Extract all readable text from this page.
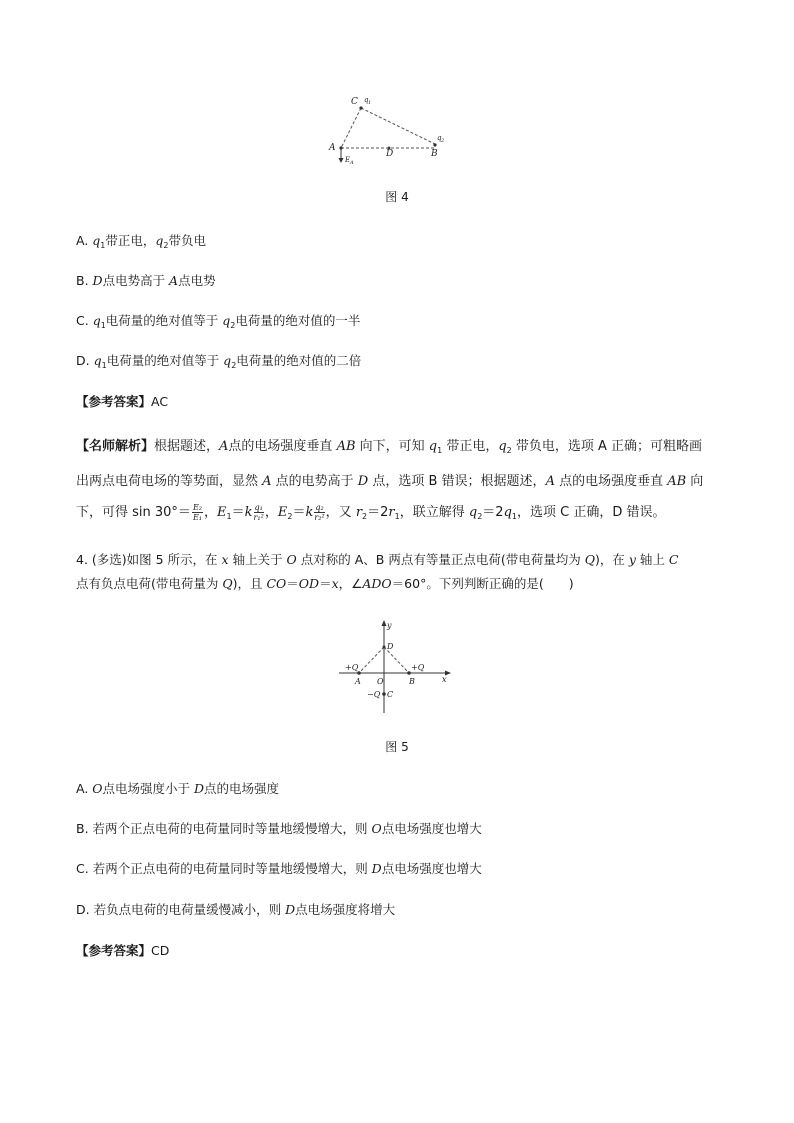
C q 1
q 2
A
D	B
E A
图 4
A. $q_1$带正电，$q_2$带负电
B. D点电势高于 A点电势
C. $q_1$电荷量的绝对值等于 $q_2$电荷量的绝对值的一半
D. $q_1$电荷量的绝对值等于 $q_2$电荷量的绝对值的二倍
【参考答案】AC
【名师解析】根据题述，A点的电场强度垂直 AB 向下，可知 $q_1$ 带正电，$q_2$ 带负电，选项 A 正确；可粗略画
出两点电荷电场的等势面，显然 A 点的电势高于 D 点，选项 B 错误；根据题述，A 点的电场强度垂直 AB 向
下，可得 $\sin 30^\circ= \frac{\text{E₂}}{\text{E₁}}$ ，$E_1=k \frac{\text{q₁}}{\text{r₁²}}$ ，$E_2=k \frac{\text{q₂}}{\text{r₂²}}$ ，又 $r_2=2r_1$，联立解得 $q_2=2q_1$，选项 C 正确，D 错误。
4. (多选)如图 5 所示，在 x 轴上关于 O 点对称的 A、B 两点有等量正点电荷(带电荷量均为 Q)，在 y 轴上 C
点有负点电荷(带电荷量为 Q)，且 CO＝OD＝x，∠ADO＝60°。下列判断正确的是(　　)
y
x
D
+Q	+Q
A O	B
−Q C
图 5
A. O点电场强度小于 D点的电场强度
B. 若两个正点电荷的电荷量同时等量地缓慢增大，则 O点电场强度也增大
C. 若两个正点电荷的电荷量同时等量地缓慢增大，则 D点电场强度也增大
D. 若负点电荷的电荷量缓慢减小，则 D点电场强度将增大
【参考答案】CD
